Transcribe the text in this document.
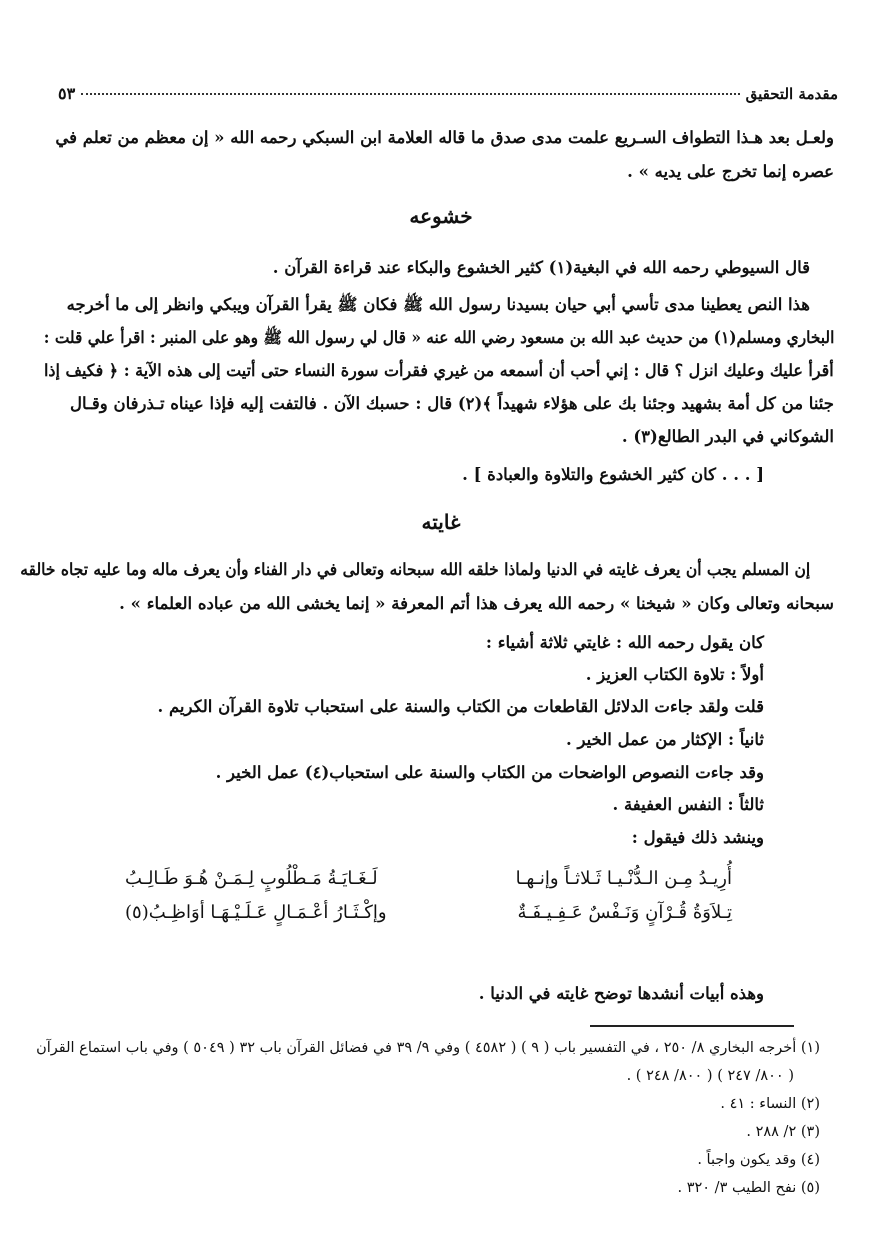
مقدمة التحقيق
٥٣
ولعـل بعد هـذا التطواف السـريع علمت مدى صدق ما قاله العلامة ابن السبكي رحمه الله « إن معظم من تعلم في
عصره إنما تخرج على يديه » .
خشوعه
قال السيوطي رحمه الله في البغية(١) كثير الخشوع والبكاء عند قراءة القرآن .
هذا النص يعطينا مدى تأسي أبي حيان بسيدنا رسول الله ﷺ فكان ﷺ يقرأ القرآن ويبكي وانظر إلى ما أخرجه
البخاري ومسلم(١) من حديث عبد الله بن مسعود رضي الله عنه « قال لي رسول الله ﷺ وهو على المنبر : اقرأ علي قلت :
أقرأ عليك وعليك انزل ؟ قال : إني أحب أن أسمعه من غيري فقرأت سورة النساء حتى أتيت إلى هذه الآية : ﴿ فكيف إذا
جئنا من كل أمة بشهيد وجئنا بك على هؤلاء شهيداً ﴾(٢) قال : حسبك الآن . فالتفت إليه فإذا عيناه تـذرفان وقـال
الشوكاني في البدر الطالع(٣) .
[ . . . كان كثير الخشوع والتلاوة والعبادة ] .
غايته
إن المسلم يجب أن يعرف غايته في الدنيا ولماذا خلقه الله سبحانه وتعالى في دار الفناء وأن يعرف ماله وما عليه تجاه خالقه
سبحانه وتعالى وكان « شيخنا » رحمه الله يعرف هذا أتم المعرفة « إنما يخشى الله من عباده العلماء » .
كان يقول رحمه الله : غايتي ثلاثة أشياء :
أولاً : تلاوة الكتاب العزيز .
قلت ولقد جاءت الدلائل القاطعات من الكتاب والسنة على استحباب تلاوة القرآن الكريم .
ثانياً : الإكثار من عمل الخير .
وقد جاءت النصوص الواضحات من الكتاب والسنة على استحباب(٤) عمل الخير .
ثالثاً : النفس العفيفة .
وينشد ذلك فيقول :
أُرِيـدُ مِـن الـدُّنْـيـا ثَـلاثـاً وإنـهـا
لَـغَـايَـةُ مَـطْلُوبٍ لِـمَـنْ هُـوَ طَـالِـبُ
تِـلاَوَةُ قُـرْآنٍ وَنَـفْسٌ عَـفِـيـفَـةٌ
وإكْـثَـارُ أعْـمَـالٍ عَـلَـيْـهَـا أوَاظِـبُ(٥)
وهذه أبيات أنشدها توضح غايته في الدنيا .
(١) أخرجه البخاري ٨/ ٢٥٠ ، في التفسير باب ( ٩ ) ( ٤٥٨٢ ) وفي ٩/ ٣٩ في فضائل القرآن باب ٣٢ ( ٥٠٤٩ ) وفي باب استماع القرآن
( ٨٠٠/ ٢٤٧ ) ( ٨٠٠/ ٢٤٨ ) .
(٢) النساء : ٤١ .
(٣) ٢/ ٢٨٨ .
(٤) وقد يكون واجباً .
(٥) نفح الطيب ٣/ ٣٢٠ .
